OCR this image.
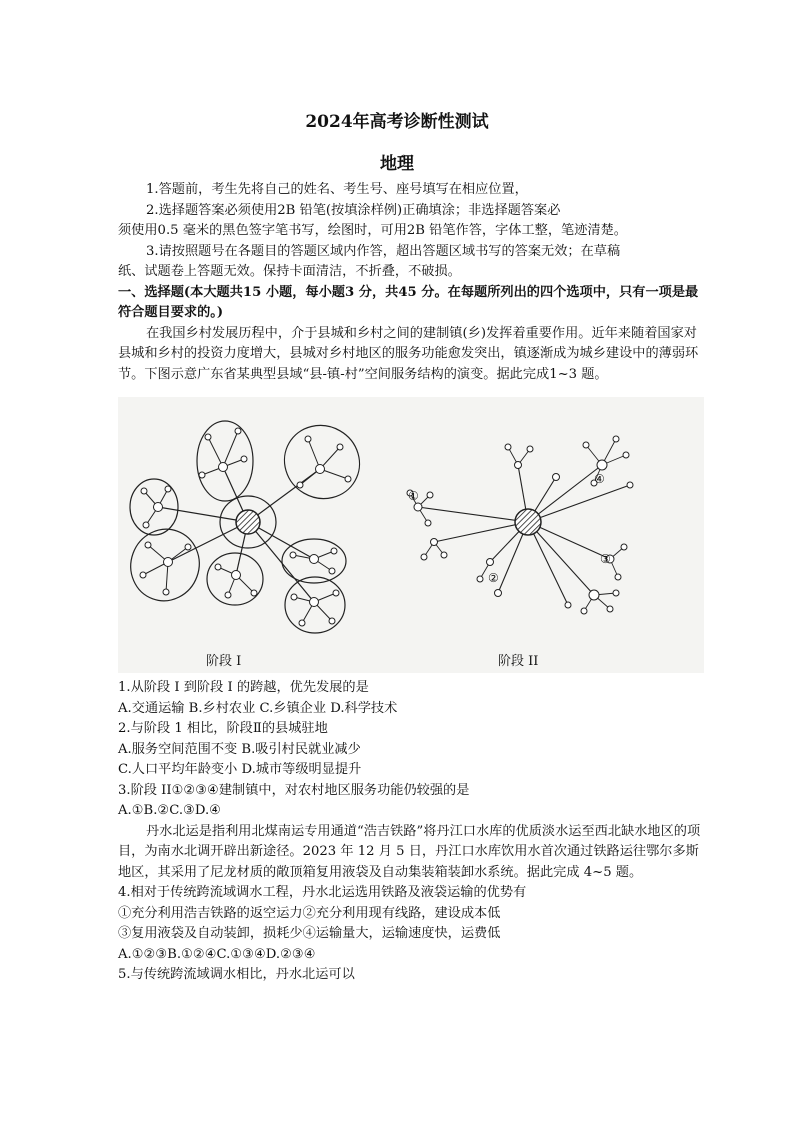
2024年高考诊断性测试
地理

1.答题前，考生先将自己的姓名、考生号、座号填写在相应位置，

2.选择题答案必须使用2B 铅笔(按填涂样例)正确填涂；非选择题答案必

须使用0.5 毫米的黑色签字笔书写，绘图时，可用2B 铅笔作答，字体工整，笔迹清楚。

3.请按照题号在各题目的答题区域内作答，超出答题区域书写的答案无效；在草稿

纸、试题卷上答题无效。保持卡面清洁，不折叠，不破损。

一、选择题(本大题共15 小题，每小题3 分，共45 分。在每题所列出的四个选项中，只有一项是最符合题目要求的。)

在我国乡村发展历程中，介于县城和乡村之间的建制镇(乡)发挥着重要作用。近年来随着国家对县城和乡村的投资力度增大，县城对乡村地区的服务功能愈发突出，镇逐渐成为城乡建设中的薄弱环节。下图示意广东省某典型县域“县-镇-村”空间服务结构的演变。据此完成1~3 题。

阶段 I
①
②
③
④
阶段 II

1.从阶段 I 到阶段 I 的跨越，优先发展的是

A.交通运输 B.乡村农业 C.乡镇企业 D.科学技术

2.与阶段 1 相比，阶段Ⅱ的县城驻地

A.服务空间范围不变 B.吸引村民就业减少

C.人口平均年龄变小 D.城市等级明显提升

3.阶段 II①②③④建制镇中，对农村地区服务功能仍较强的是

A.①B.②C.③D.④

丹水北运是指利用北煤南运专用通道“浩吉铁路”将丹江口水库的优质淡水运至西北缺水地区的项目，为南水北调开辟出新途径。2023 年 12 月 5 日，丹江口水库饮用水首次通过铁路运往鄂尔多斯地区，其采用了尼龙材质的敞顶箱复用液袋及自动集装箱装卸水系统。据此完成 4~5 题。

4.相对于传统跨流域调水工程，丹水北运选用铁路及液袋运输的优势有

①充分利用浩吉铁路的返空运力②充分利用现有线路，建设成本低

③复用液袋及自动装卸，损耗少④运输量大，运输速度快，运费低

A.①②③B.①②④C.①③④D.②③④

5.与传统跨流域调水相比，丹水北运可以
